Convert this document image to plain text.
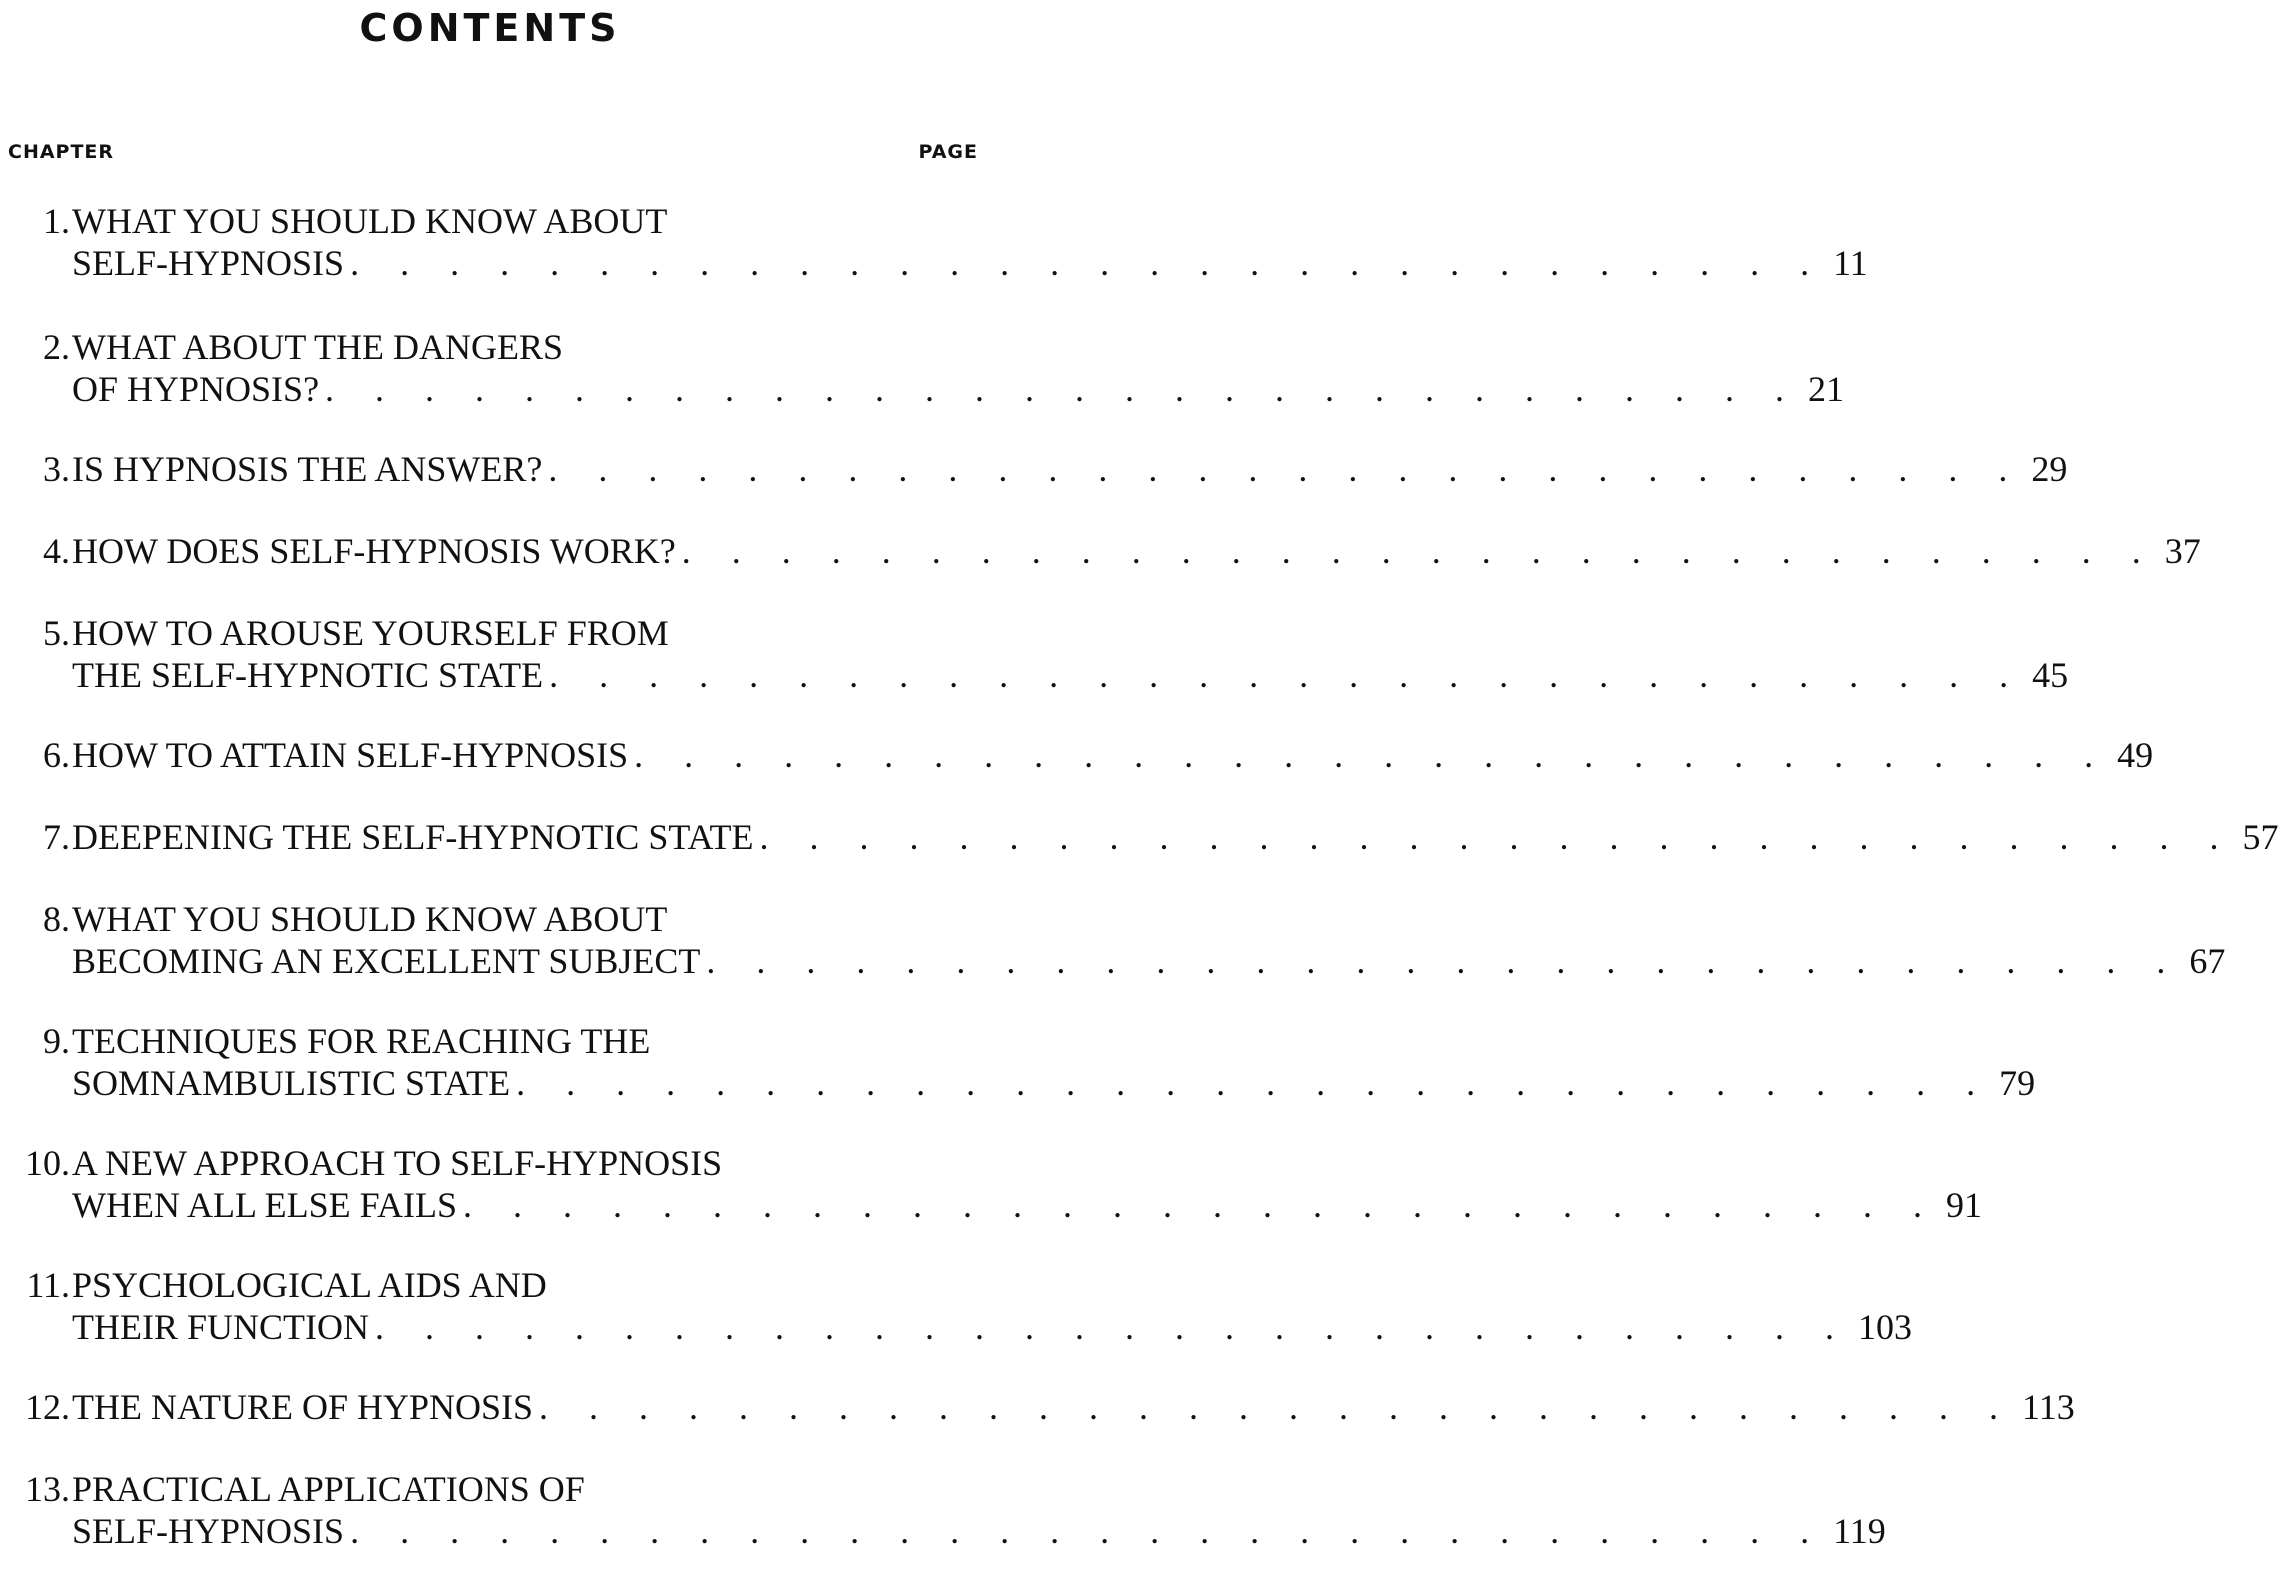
CONTENTS
CHAPTER	PAGE
1. WHAT YOU SHOULD KNOW ABOUT
SELF-HYPNOSIS . . . . . . . . . . . . . . . . . . . . . . . . . . . . . . 11
2. WHAT ABOUT THE DANGERS
OF HYPNOSIS? . . . . . . . . . . . . . . . . . . . . . . . . . . . . . . 21
3. IS HYPNOSIS THE ANSWER? . . . . . . . . . . . . . . . . . . . . . . . . . . . . . . 29
4. HOW DOES SELF-HYPNOSIS WORK? . . . . . . . . . . . . . . . . . . . . . . . . . . . . . . 37
5. HOW TO AROUSE YOURSELF FROM
THE SELF-HYPNOTIC STATE . . . . . . . . . . . . . . . . . . . . . . . . . . . . . . 45
6. HOW TO ATTAIN SELF-HYPNOSIS . . . . . . . . . . . . . . . . . . . . . . . . . . . . . . 49
7. DEEPENING THE SELF-HYPNOTIC STATE . . . . . . . . . . . . . . . . . . . . . . . . . . . . . . 57
8. WHAT YOU SHOULD KNOW ABOUT
BECOMING AN EXCELLENT SUBJECT . . . . . . . . . . . . . . . . . . . . . . . . . . . . . . 67
9. TECHNIQUES FOR REACHING THE
SOMNAMBULISTIC STATE . . . . . . . . . . . . . . . . . . . . . . . . . . . . . . 79
10. A NEW APPROACH TO SELF-HYPNOSIS
WHEN ALL ELSE FAILS . . . . . . . . . . . . . . . . . . . . . . . . . . . . . . 91
11. PSYCHOLOGICAL AIDS AND
THEIR FUNCTION . . . . . . . . . . . . . . . . . . . . . . . . . . . . . . 103
12. THE NATURE OF HYPNOSIS . . . . . . . . . . . . . . . . . . . . . . . . . . . . . . 113
13. PRACTICAL APPLICATIONS OF
SELF-HYPNOSIS . . . . . . . . . . . . . . . . . . . . . . . . . . . . . . 119
